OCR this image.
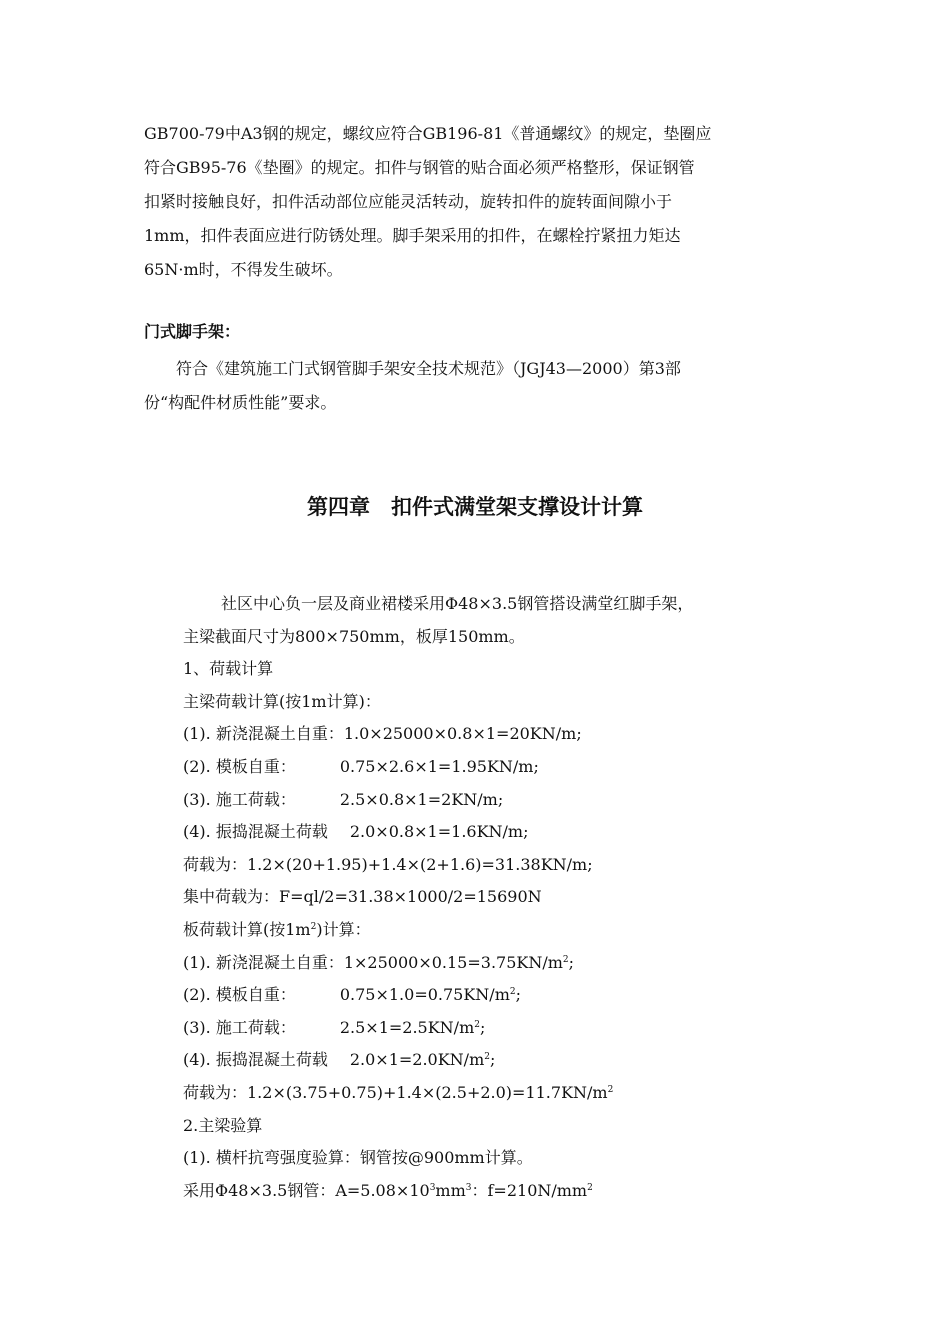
GB700-79中A3钢的规定，螺纹应符合GB196-81《普通螺纹》的规定，垫圈应
符合GB95-76《垫圈》的规定。扣件与钢管的贴合面必须严格整形，保证钢管
扣紧时接触良好，扣件活动部位应能灵活转动，旋转扣件的旋转面间隙小于
1mm，扣件表面应进行防锈处理。脚手架采用的扣件，在螺栓拧紧扭力矩达
65N·m时，不得发生破坏。
门式脚手架：
　　符合《建筑施工门式钢管脚手架安全技术规范》（JGJ43—2000）第3部
份“构配件材质性能”要求。
第四章　扣件式满堂架支撑设计计算
社区中心负一层及商业裙楼采用Φ48×3.5钢管搭设满堂红脚手架，
主梁截面尺寸为800×750mm，板厚150mm。
1、荷载计算
主梁荷载计算(按1m计算)：
(1). 新浇混凝土自重：1.0×25000×0.8×1=20KN/m;
(2). 模板自重：	0.75×2.6×1=1.95KN/m;
(3). 施工荷载：	2.5×0.8×1=2KN/m;
(4). 振捣混凝土荷载 2.0×0.8×1=1.6KN/m;
荷载为：1.2×(20+1.95)+1.4×(2+1.6)=31.38KN/m;
集中荷载为：F=ql/2=31.38×1000/2=15690N
板荷载计算(按$1m^2$)计算：
(1). 新浇混凝土自重：$1\times 25000\times 0.15=3.75KN/m^2$;
(2). 模板自重：	$0.75\times 1.0=0.75KN/m^2$;
(3). 施工荷载：	$2.5\times 1=2.5KN/m^2$;
(4). 振捣混凝土荷载 $2.0\times 1=2.0KN/m^2$;
荷载为：$1.2\times(3.75+0.75)+1.4\times(2.5+2.0)=11.7KN/m^2$
2.主梁验算
(1). 横杆抗弯强度验算：钢管按@900mm计算。
采用Φ48×3.5钢管：$A=5.08\times 10^3mm^3$：$f=210N/mm^2$
